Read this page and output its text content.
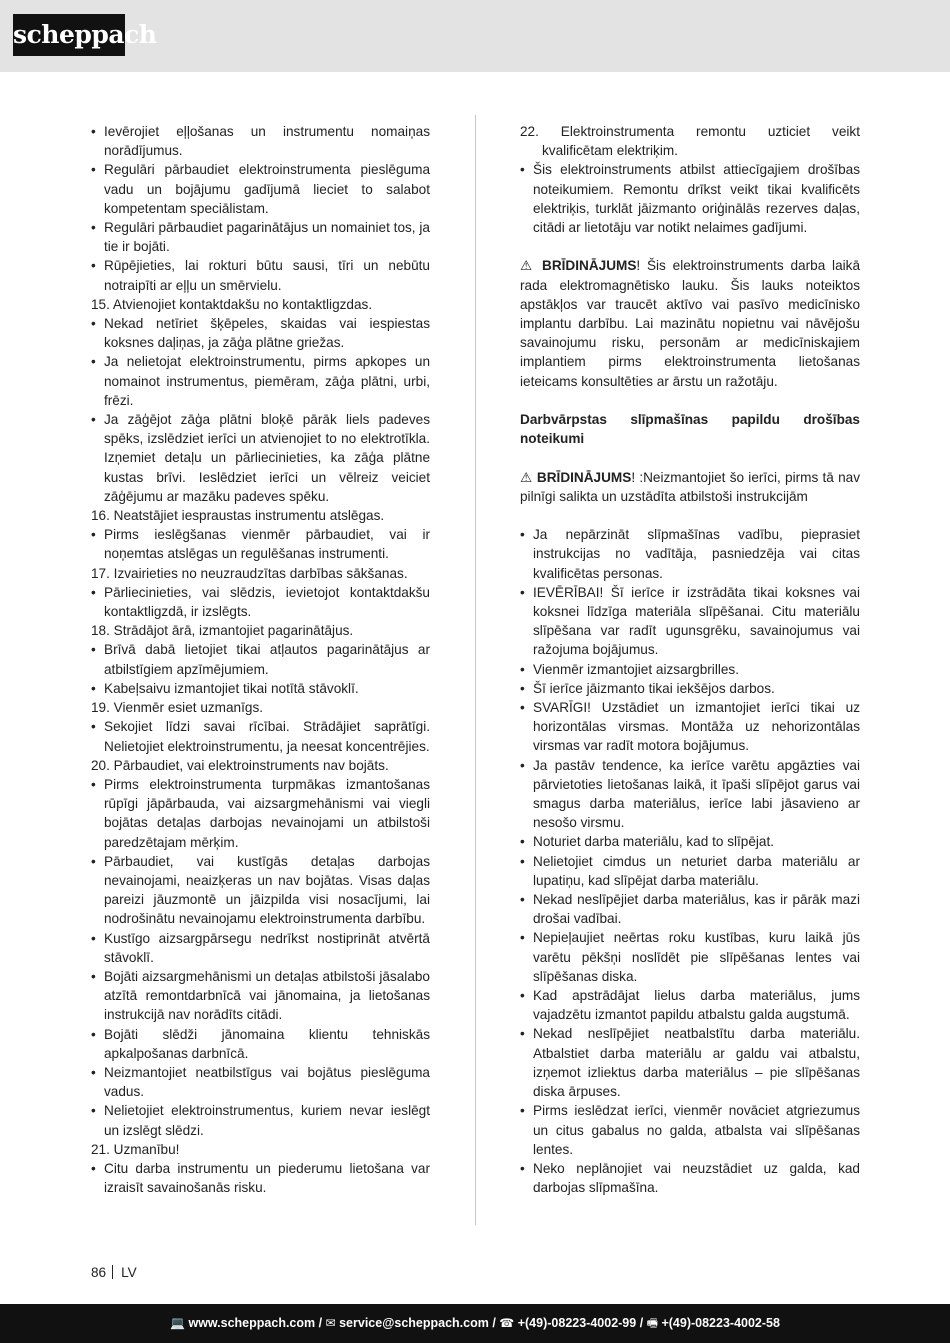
scheppach
• Ievērojiet eļļošanas un instrumentu nomaiņas norādījumus.
• Regulāri pārbaudiet elektroinstrumenta pieslēguma vadu un bojājumu gadījumā lieciet to salabot kompetentam speciālistam.
• Regulāri pārbaudiet pagarinātājus un nomainiet tos, ja tie ir bojāti.
• Rūpējieties, lai rokturi būtu sausi, tīri un nebūtu notraipīti ar eļļu un smērvielu.
15. Atvienojiet kontaktdakšu no kontaktligzdas.
• Nekad netīriet šķēpeles, skaidas vai iespiestas koksnes daļiņas, ja zāģa plātne griežas.
• Ja nelietojat elektroinstrumentu, pirms apkopes un nomainot instrumentus, piemēram, zāģa plātni, urbi, frēzi.
• Ja zāģējot zāģa plātni bloķē pārāk liels padeves spēks, izslēdziet ierīci un atvienojiet to no elektrotīkla. Izņemiet detaļu un pārliecinieties, ka zāģa plātne kustas brīvi. Ieslēdziet ierīci un vēlreiz veiciet zāģējumu ar mazāku padeves spēku.
16. Neatstājiet iespraustas instrumentu atslēgas.
• Pirms ieslēgšanas vienmēr pārbaudiet, vai ir noņemtas atslēgas un regulēšanas instrumenti.
17. Izvairieties no neuzraudzītas darbības sākšanas.
• Pārliecinieties, vai slēdzis, ievietojot kontaktdakšu kontaktligzdā, ir izslēgts.
18. Strādājot ārā, izmantojiet pagarinātājus.
• Brīvā dabā lietojiet tikai atļautos pagarinātājus ar atbilstīgiem apzīmējumiem.
• Kabeļsaivu izmantojiet tikai notītā stāvoklī.
19. Vienmēr esiet uzmanīgs.
• Sekojiet līdzi savai rīcībai. Strādājiet saprātīgi. Nelietojiet elektroinstrumentu, ja neesat koncentrējies.
20. Pārbaudiet, vai elektroinstruments nav bojāts.
• Pirms elektroinstrumenta turpmākas izmantošanas rūpīgi jāpārbauda, vai aizsargmehānismi vai viegli bojātas detaļas darbojas nevainojami un atbilstoši paredzētajam mērķim.
• Pārbaudiet, vai kustīgās detaļas darbojas nevainojami, neaizķeras un nav bojātas. Visas daļas pareizi jāuzmontē un jāizpilda visi nosacījumi, lai nodrošinātu nevainojamu elektroinstrumenta darbību.
• Kustīgo aizsargpārsegu nedrīkst nostiprināt atvērtā stāvoklī.
• Bojāti aizsargmehānismi un detaļas atbilstoši jāsalabo atzītā remontdarbnīcā vai jānomaina, ja lietošanas instrukcijā nav norādīts citādi.
• Bojāti slēdži jānomaina klientu tehniskās apkalpošanas darbnīcā.
• Neizmantojiet neatbilstīgus vai bojātus pieslēguma vadus.
• Nelietojiet elektroinstrumentus, kuriem nevar ieslēgt un izslēgt slēdzi.
21. Uzmanību!
• Citu darba instrumentu un piederumu lietošana var izraisīt savainošanās risku.
22. Elektroinstrumenta remontu uzticiet veikt kvalificētam elektriķim.
• Šis elektroinstruments atbilst attiecīgajiem drošības noteikumiem. Remontu drīkst veikt tikai kvalificēts elektriķis, turklāt jāizmanto oriģinālās rezerves daļas, citādi ar lietotāju var notikt nelaimes gadījumi.
⚠ BRĪDINĀJUMS! Šis elektroinstruments darba laikā rada elektromagnētisko lauku. Šis lauks noteiktos apstākļos var traucēt aktīvo vai pasīvo medicīnisko implantu darbību. Lai mazinātu nopietnu vai nāvējošu savainojumu risku, personām ar medicīniskajiem implantiem pirms elektroinstrumenta lietošanas ieteicams konsultēties ar ārstu un ražotāju.
Darbvārpstas slīpmašīnas papildu drošības noteikumi
⚠ BRĪDINĀJUMS! :Neizmantojiet šo ierīci, pirms tā nav pilnīgi salikta un uzstādīta atbilstoši instrukcijām
• Ja nepārzināt slīpmašīnas vadību, pieprasiet instrukcijas no vadītāja, pasniedzēja vai citas kvalificētas personas.
• IEVĒRĪBAI! Šī ierīce ir izstrādāta tikai koksnes vai koksnei līdzīga materiāla slīpēšanai. Citu materiālu slīpēšana var radīt ugunsgrēku, savainojumus vai ražojuma bojājumus.
• Vienmēr izmantojiet aizsargbrilles.
• Šī ierīce jāizmanto tikai iekšējos darbos.
• SVARĪGI! Uzstādiet un izmantojiet ierīci tikai uz horizontālas virsmas. Montāža uz nehorizontālas virsmas var radīt motora bojājumus.
• Ja pastāv tendence, ka ierīce varētu apgāzties vai pārvietoties lietošanas laikā, it īpaši slīpējot garus vai smagus darba materiālus, ierīce labi jāsavieno ar nesošo virsmu.
• Noturiet darba materiālu, kad to slīpējat.
• Nelietojiet cimdus un neturiet darba materiālu ar lupatiņu, kad slīpējat darba materiālu.
• Nekad neslīpējiet darba materiālus, kas ir pārāk mazi drošai vadībai.
• Nepieļaujiet neērtas roku kustības, kuru laikā jūs varētu pēkšņi noslīdēt pie slīpēšanas lentes vai slīpēšanas diska.
• Kad apstrādājat lielus darba materiālus, jums vajadzētu izmantot papildu atbalstu galda augstumā.
• Nekad neslīpējiet neatbalstītu darba materiālu. Atbalstiet darba materiālu ar galdu vai atbalstu, izņemot izliektus darba materiālus – pie slīpēšanas diska ārpuses.
• Pirms ieslēdzat ierīci, vienmēr novāciet atgriezumus un citus gabalus no galda, atbalsta vai slīpēšanas lentes.
• Neko neplānojiet vai neuzstādiet uz galda, kad darbojas slīpmašīna.
86 LV
💻 www.scheppach.com / ✉ service@scheppach.com / ☎ +(49)-08223-4002-99 / 🖷 +(49)-08223-4002-58
